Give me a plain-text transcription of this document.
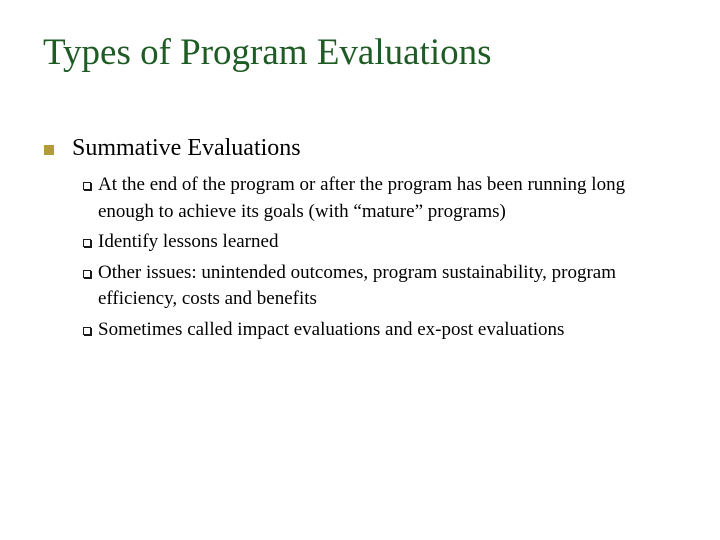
Types of Program Evaluations
Summative Evaluations
At the end of the program or after the program has been running long enough to achieve its goals (with “mature” programs)
Identify lessons learned
Other issues: unintended outcomes, program sustainability, program efficiency, costs and benefits
Sometimes called impact evaluations and ex-post evaluations
